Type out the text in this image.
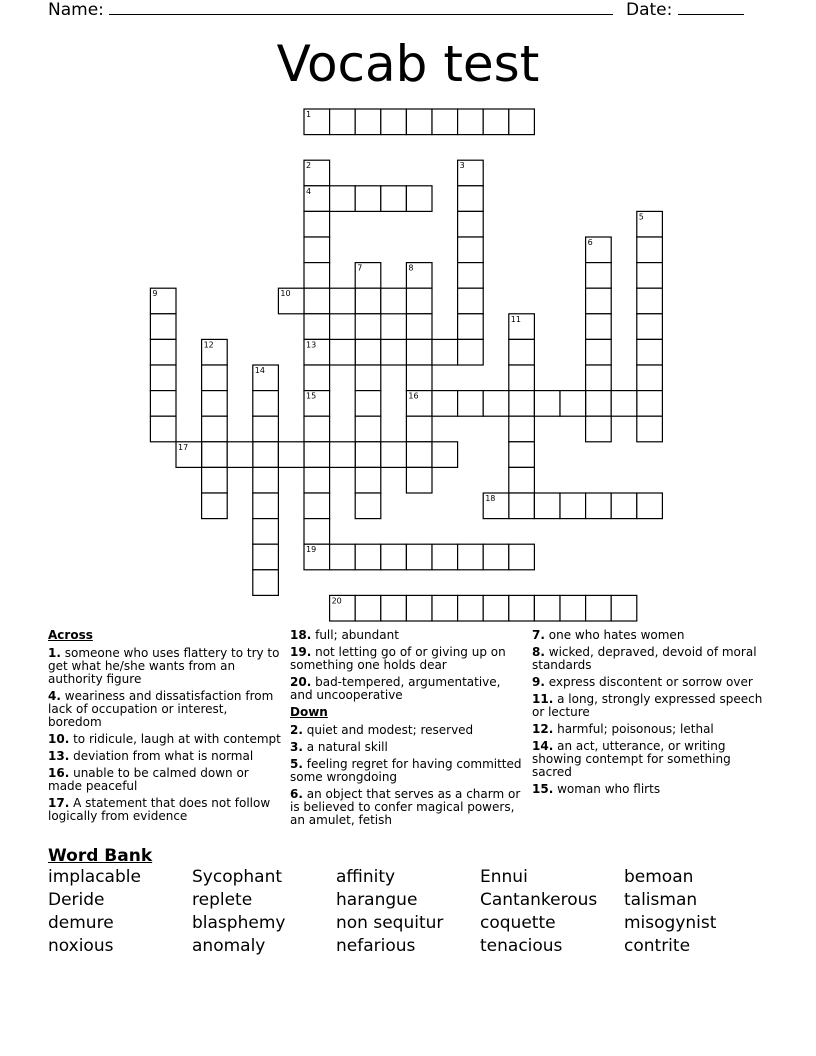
Name:	Date:
Vocab test
1
2	3
4
5
6
7	8
9	10
11
12	13
14
15	16
17
18
19
20
Across
1. someone who uses flattery to try to get what he/she wants from an authority figure
4. weariness and dissatisfaction from lack of occupation or interest, boredom
10. to ridicule, laugh at with contempt
13. deviation from what is normal
16. unable to be calmed down or made peaceful
17. A statement that does not follow logically from evidence
18. full; abundant
19. not letting go of or giving up on something one holds dear
20. bad-tempered, argumentative, and uncooperative
Down
2. quiet and modest; reserved
3. a natural skill
5. feeling regret for having committed some wrongdoing
6. an object that serves as a charm or is believed to confer magical powers, an amulet, fetish
7. one who hates women
8. wicked, depraved, devoid of moral standards
9. express discontent or sorrow over
11. a long, strongly expressed speech or lecture
12. harmful; poisonous; lethal
14. an act, utterance, or writing showing contempt for something sacred
15. woman who flirts
Word Bank
implacable	Sycophant	affinity	Ennui	bemoan
Deride	replete	harangue	Cantankerous	talisman
demure	blasphemy	non sequitur	coquette	misogynist
noxious	anomaly	nefarious	tenacious	contrite
